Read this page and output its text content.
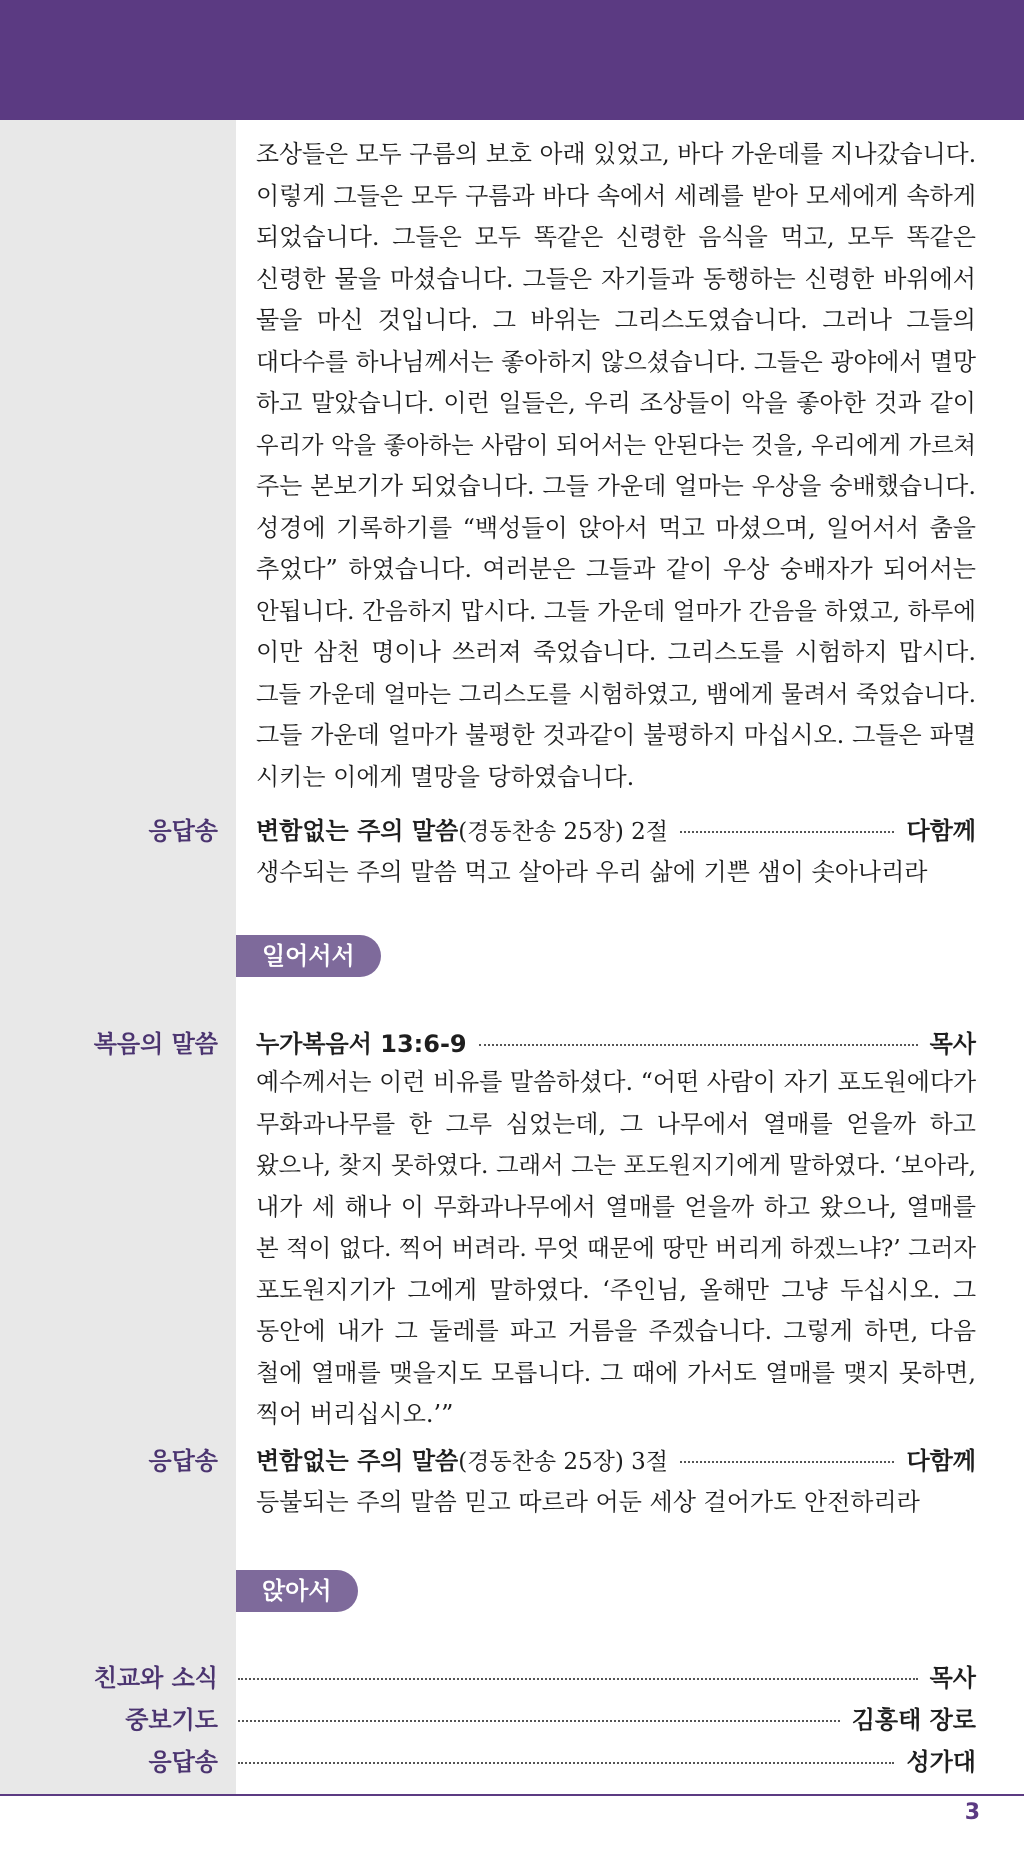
조상들은 모두 구름의 보호 아래 있었고, 바다 가운데를 지나갔습니다.
이렇게 그들은 모두 구름과 바다 속에서 세례를 받아 모세에게 속하게
되었습니다. 그들은 모두 똑같은 신령한 음식을 먹고, 모두 똑같은
신령한 물을 마셨습니다. 그들은 자기들과 동행하는 신령한 바위에서
물을 마신 것입니다. 그 바위는 그리스도였습니다. 그러나 그들의
대다수를 하나님께서는 좋아하지 않으셨습니다. 그들은 광야에서 멸망
하고 말았습니다. 이런 일들은, 우리 조상들이 악을 좋아한 것과 같이
우리가 악을 좋아하는 사람이 되어서는 안된다는 것을, 우리에게 가르쳐
주는 본보기가 되었습니다. 그들 가운데 얼마는 우상을 숭배했습니다.
성경에 기록하기를 “백성들이 앉아서 먹고 마셨으며, 일어서서 춤을
추었다” 하였습니다. 여러분은 그들과 같이 우상 숭배자가 되어서는
안됩니다. 간음하지 맙시다. 그들 가운데 얼마가 간음을 하였고, 하루에
이만 삼천 명이나 쓰러져 죽었습니다. 그리스도를 시험하지 맙시다.
그들 가운데 얼마는 그리스도를 시험하였고, 뱀에게 물려서 죽었습니다.
그들 가운데 얼마가 불평한 것과같이 불평하지 마십시오. 그들은 파멸
시키는 이에게 멸망을 당하였습니다.
응답송 변함없는 주의 말씀 (경동찬송 25장) 2절	다함께
생수되는 주의 말씀 먹고 살아라 우리 삶에 기쁜 샘이 솟아나리라
일어서서
복음의 말씀 누가복음서 13:6-9	목사
예수께서는 이런 비유를 말씀하셨다. “어떤 사람이 자기 포도원에다가
무화과나무를 한 그루 심었는데, 그 나무에서 열매를 얻을까 하고
왔으나, 찾지 못하였다. 그래서 그는 포도원지기에게 말하였다. ‘보아라,
내가 세 해나 이 무화과나무에서 열매를 얻을까 하고 왔으나, 열매를
본 적이 없다. 찍어 버려라. 무엇 때문에 땅만 버리게 하겠느냐?’ 그러자
포도원지기가 그에게 말하였다. ‘주인님, 올해만 그냥 두십시오. 그
동안에 내가 그 둘레를 파고 거름을 주겠습니다. 그렇게 하면, 다음
철에 열매를 맺을지도 모릅니다. 그 때에 가서도 열매를 맺지 못하면,
찍어 버리십시오.’”
응답송 변함없는 주의 말씀 (경동찬송 25장) 3절	다함께
등불되는 주의 말씀 믿고 따르라 어둔 세상 걸어가도 안전하리라
앉아서
친교와 소식	목사
중보기도	김홍태 장로
응답송	성가대
3
